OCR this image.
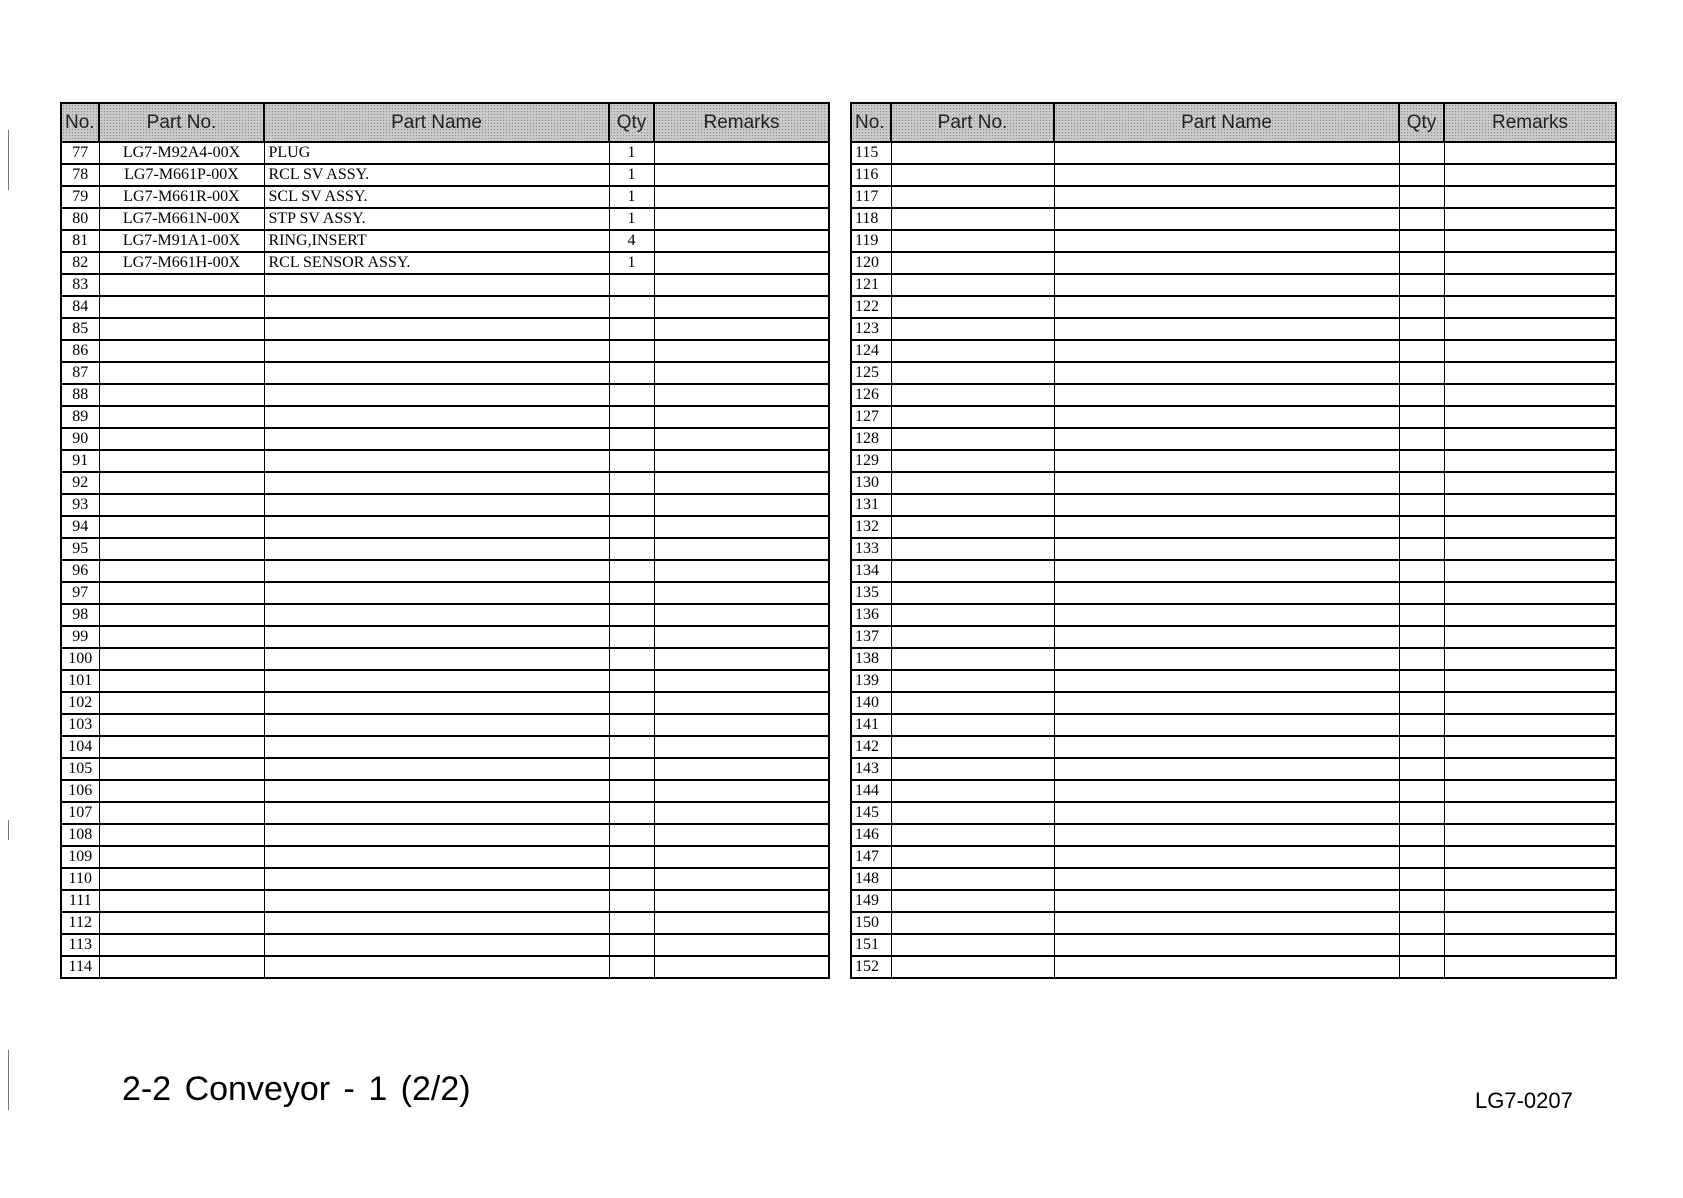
No.	Part No.	Part Name	Qty	Remarks
77	LG7-M92A4-00X	PLUG	1	
78	LG7-M661P-00X	RCL SV ASSY.	1	
79	LG7-M661R-00X	SCL SV ASSY.	1	
80	LG7-M661N-00X	STP SV ASSY.	1	
81	LG7-M91A1-00X	RING,INSERT	4	
82	LG7-M661H-00X	RCL SENSOR ASSY.	1	
83				
84				
85				
86				
87				
88				
89				
90				
91				
92				
93				
94				
95				
96				
97				
98				
99				
100				
101				
102				
103				
104				
105				
106				
107				
108				
109				
110				
111				
112				
113				
114				
No.	Part No.	Part Name	Qty	Remarks
115				
116				
117				
118				
119				
120				
121				
122				
123				
124				
125				
126				
127				
128				
129				
130				
131				
132				
133				
134				
135				
136				
137				
138				
139				
140				
141				
142				
143				
144				
145				
146				
147				
148				
149				
150				
151				
152				
2-2 Conveyor - 1 (2/2)	LG7-0207
